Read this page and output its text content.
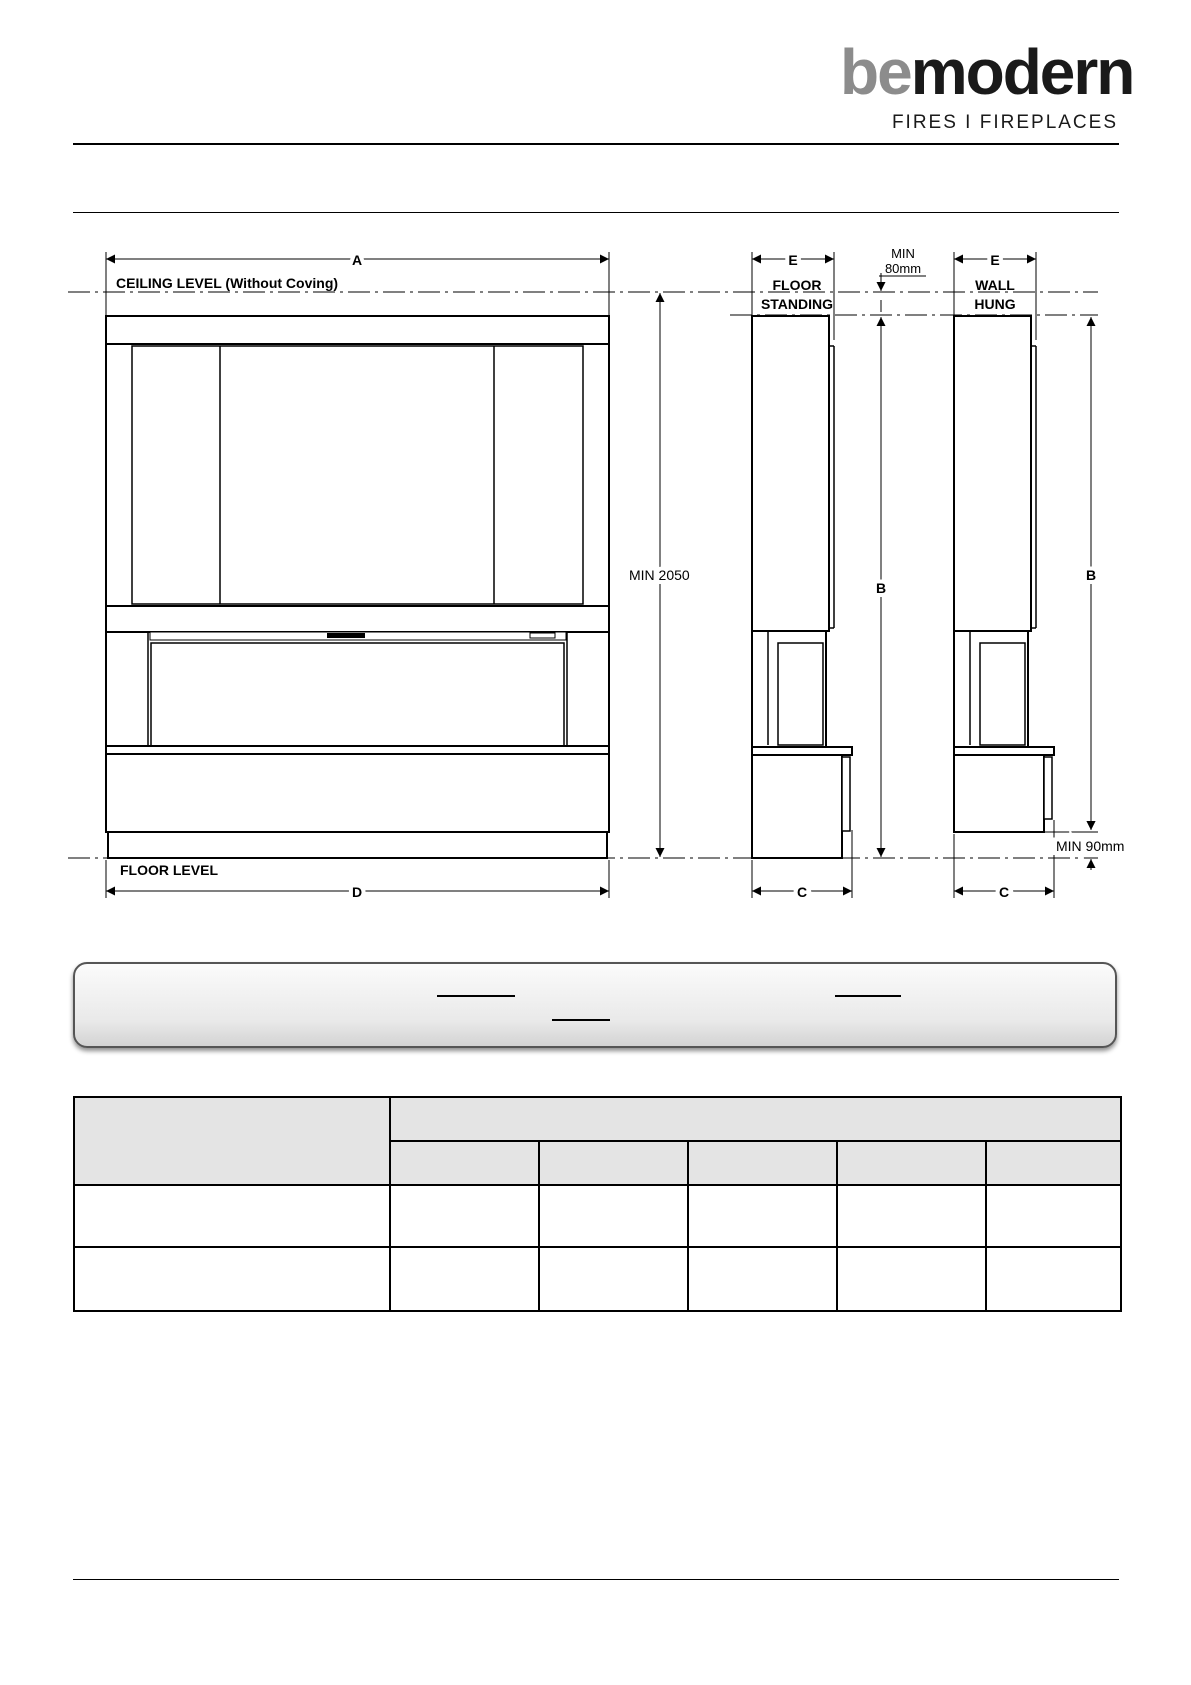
bemodern
FIRES I FIREPLACES
A
D
CEILING LEVEL (Without Coving)
FLOOR LEVEL
MIN 2050
E
C
B
FLOOR
STANDING
MIN
80mm
E
C
B
WALL
HUNG
MIN 90mm
